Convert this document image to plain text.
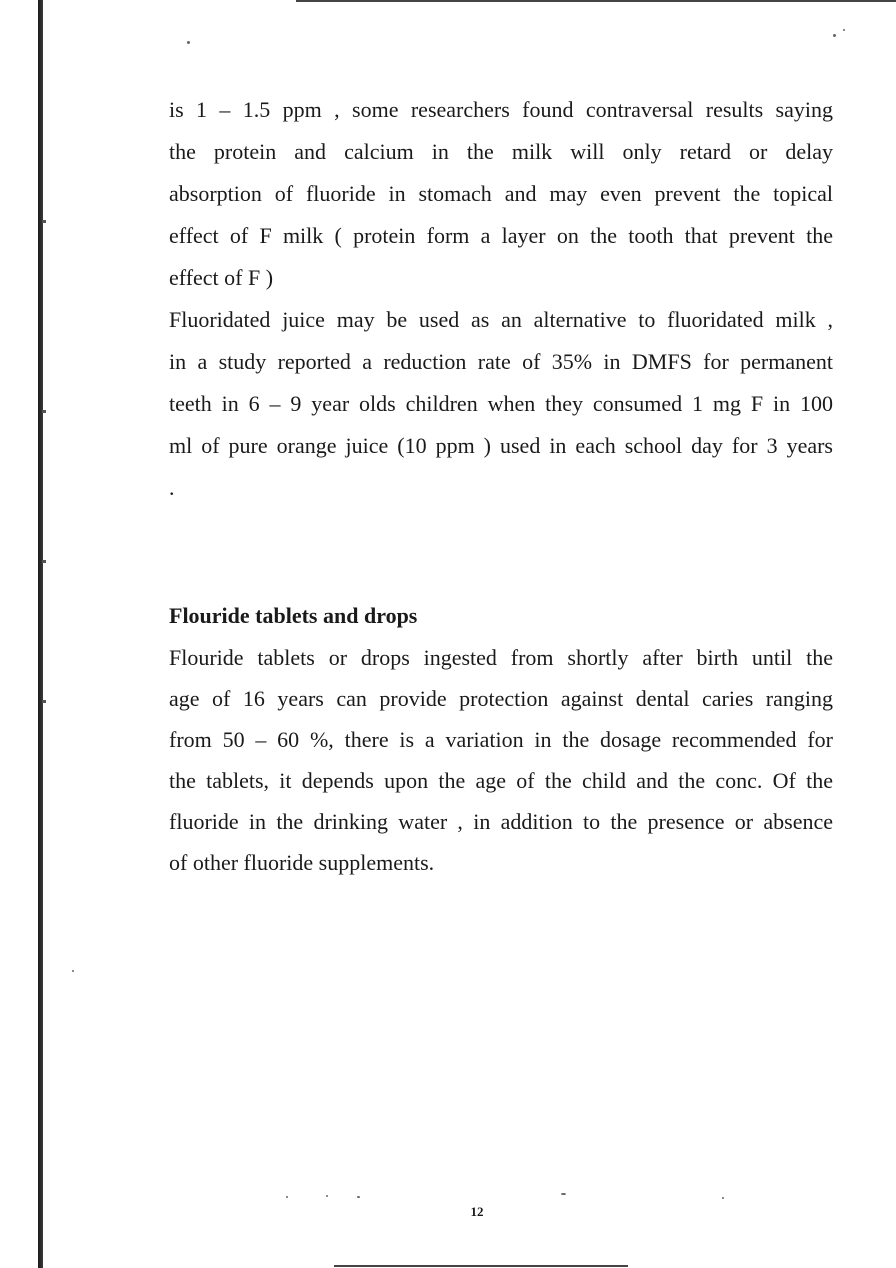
is 1 – 1.5 ppm , some researchers found contraversal results saying
the protein and calcium in the milk will only retard or delay
absorption of fluoride in stomach and may even prevent the topical
effect of F milk ( protein form a layer on the tooth that prevent the
effect of F )

Fluoridated juice may be used as an alternative to fluoridated milk ,
in a study reported a reduction rate of 35% in DMFS for permanent
teeth in 6 – 9 year olds children when they consumed 1 mg F in 100
ml of pure orange juice (10 ppm ) used in each school day for 3 years
.

Flouride tablets and drops

Flouride tablets or drops ingested from shortly after birth until the
age of 16 years can provide protection against dental caries ranging
from 50 – 60 %, there is a variation in the dosage recommended for
the tablets, it depends upon the age of the child and the conc. Of the
fluoride in the drinking water , in addition to the presence or absence
of other fluoride supplements.

12
